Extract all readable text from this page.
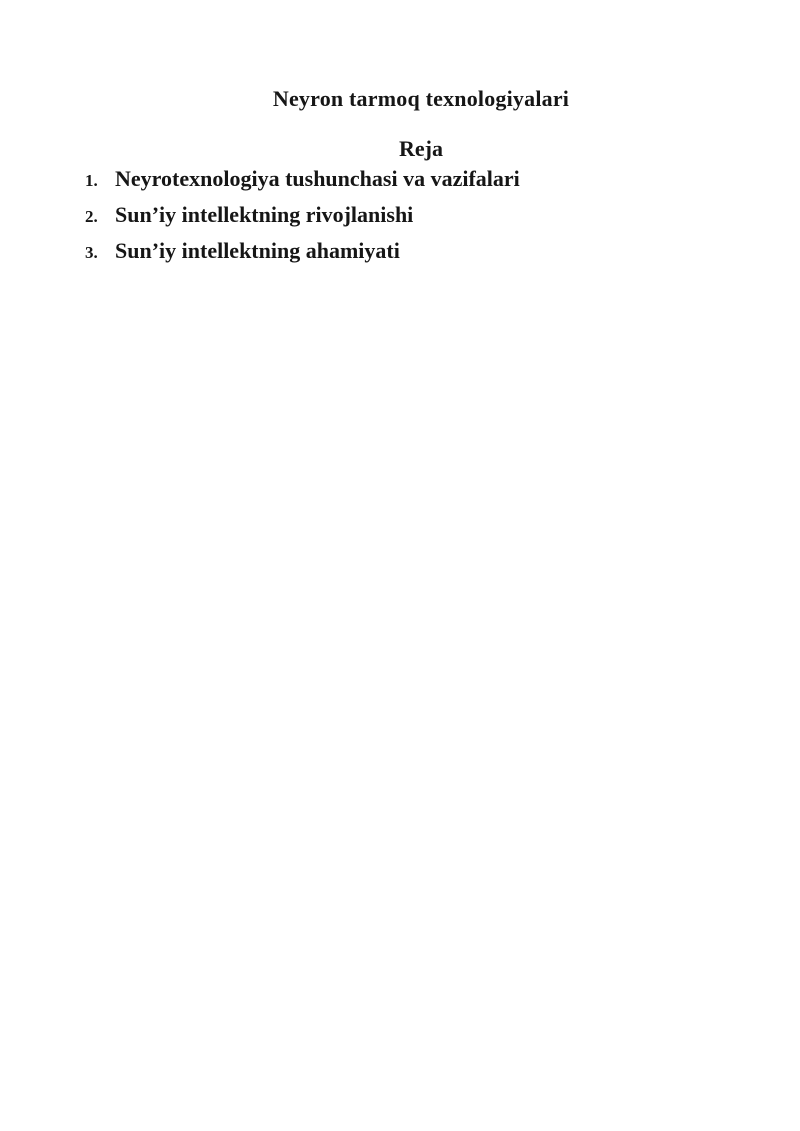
Neyron tarmoq texnologiyalari
Reja
1. Neyrotexnologiya tushunchasi va vazifalari
2. Sun’iy intellektning rivojlanishi
3. Sun’iy intellektning ahamiyati
